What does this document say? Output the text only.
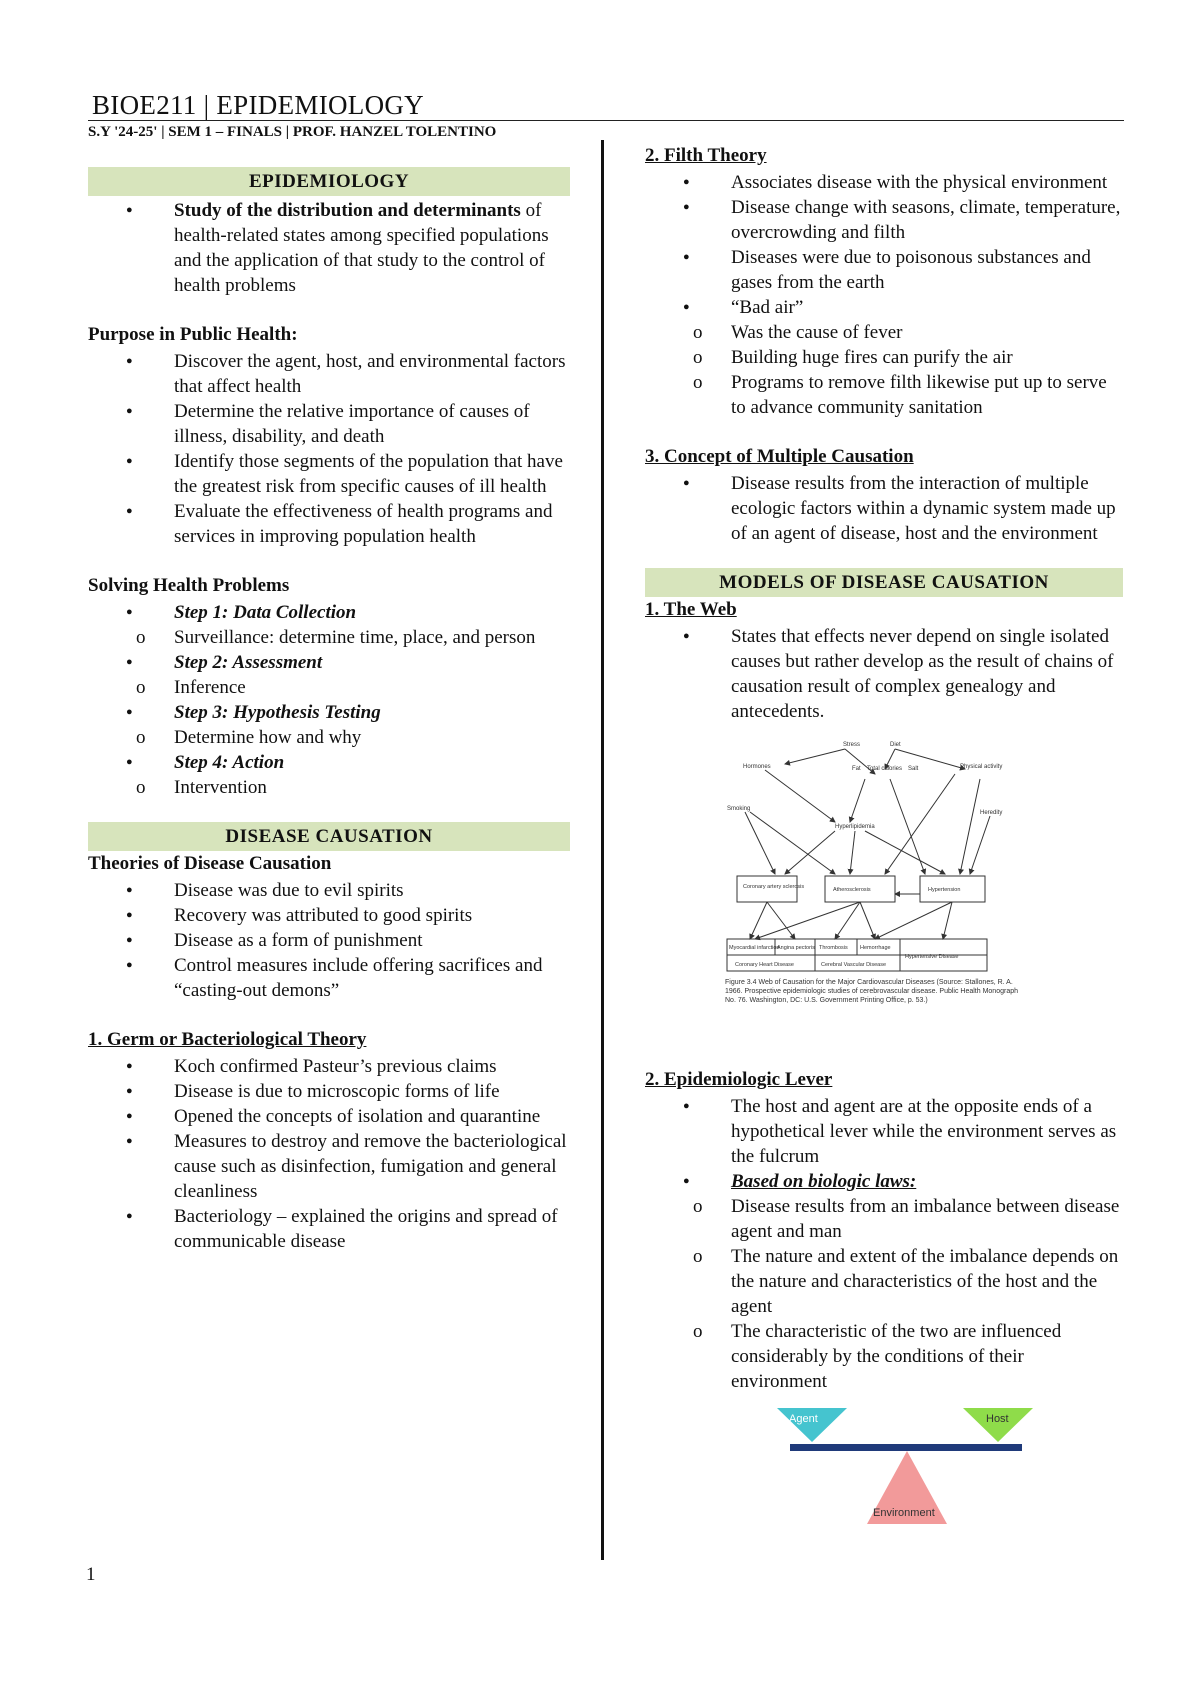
BIOE211 | EPIDEMIOLOGY
S.Y '24-25' | SEM 1 – FINALS | PROF. HANZEL TOLENTINO
EPIDEMIOLOGY
● Study of the distribution and determinants of health-related states among specified populations and the application of that study to the control of health problems
Purpose in Public Health:
● Discover the agent, host, and environmental factors that affect health
● Determine the relative importance of causes of illness, disability, and death
● Identify those segments of the population that have the greatest risk from specific causes of ill health
● Evaluate the effectiveness of health programs and services in improving population health
Solving Health Problems
● Step 1: Data Collection
o Surveillance: determine time, place, and person
● Step 2: Assessment
o Inference
● Step 3: Hypothesis Testing
o Determine how and why
● Step 4: Action
o Intervention
DISEASE CAUSATION
Theories of Disease Causation
● Disease was due to evil spirits
● Recovery was attributed to good spirits
● Disease as a form of punishment
● Control measures include offering sacrifices and “casting-out demons”
1. Germ or Bacteriological Theory
● Koch confirmed Pasteur’s previous claims
● Disease is due to microscopic forms of life
● Opened the concepts of isolation and quarantine
● Measures to destroy and remove the bacteriological cause such as disinfection, fumigation and general cleanliness
● Bacteriology – explained the origins and spread of communicable disease
2. Filth Theory
● Associates disease with the physical environment
● Disease change with seasons, climate, temperature, overcrowding and filth
● Diseases were due to poisonous substances and gases from the earth
● “Bad air”
o Was the cause of fever
o Building huge fires can purify the air
o Programs to remove filth likewise put up to serve to advance community sanitation
3. Concept of Multiple Causation
● Disease results from the interaction of multiple ecologic factors within a dynamic system made up of an agent of disease, host and the environment
MODELS OF DISEASE CAUSATION
1. The Web
● States that effects never depend on single isolated causes but rather develop as the result of chains of causation result of complex genealogy and antecedents.
Stress	Diet
Hormones	Fat Total calories Salt	Physical activity
Smoking
Hyperlipidemia
Heredity
Coronary artery sclerosis	Atherosclerosis	Hypertension
Myocardial infarction
Angina pectoris Thrombosis Hemorrhage
Coronary Heart Disease	Cerebral Vascular Disease
Hypertensive Disease
Figure 3.4 Web of Causation for the Major Cardiovascular Diseases (Source: Stallones, R. A. 1966. Prospective epidemiologic studies of cerebrovascular disease. Public Health Monograph No. 76. Washington, DC: U.S. Government Printing Office, p. 53.)
2. Epidemiologic Lever
● The host and agent are at the opposite ends of a hypothetical lever while the environment serves as the fulcrum
● Based on biologic laws:
o Disease results from an imbalance between disease agent and man
o The nature and extent of the imbalance depends on the nature and characteristics of the host and the agent
o The characteristic of the two are influenced considerably by the conditions of their environment
Agent	Host
Environment
1
